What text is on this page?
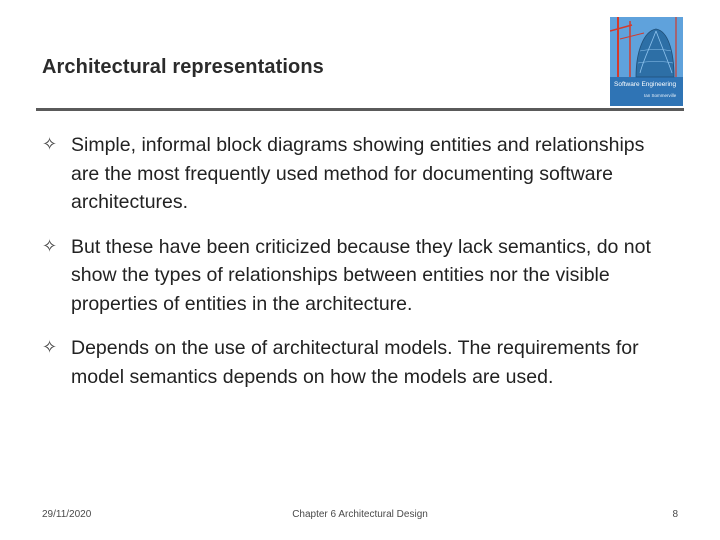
Architectural representations
Software Engineering
Ian Sommerville
✧ Simple, informal block diagrams showing entities and relationships are the most frequently used method for documenting software architectures.
✧ But these have been criticized because they lack semantics, do not show the types of relationships between entities nor the visible properties of entities in the architecture.
✧ Depends on the use of architectural models. The requirements for model semantics depends on how the models are used.
29/11/2020	Chapter 6 Architectural Design	8
